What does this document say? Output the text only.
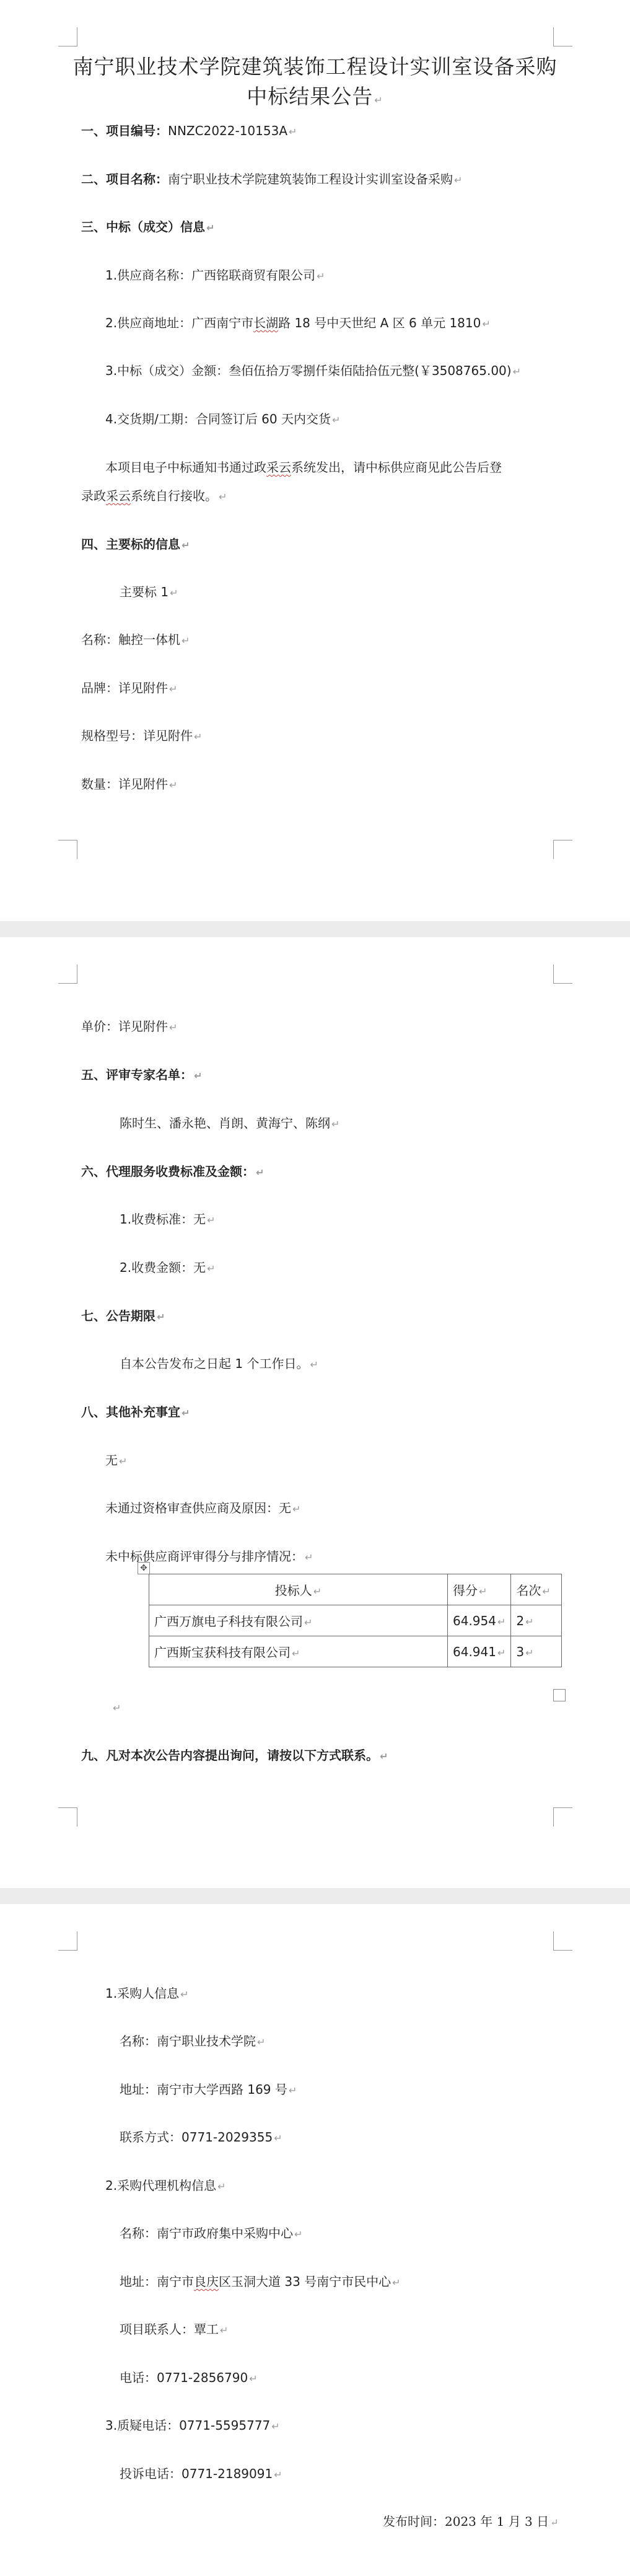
南宁职业技术学院建筑装饰工程设计实训室设备采购
中标结果公告 ↵
一、项目编号：NNZC2022-10153A ↵
二、项目名称：南宁职业技术学院建筑装饰工程设计实训室设备采购 ↵
三、中标（成交）信息 ↵
1.供应商名称：广西铭联商贸有限公司 ↵
2.供应商地址：广西南宁市长湖路 18 号中天世纪 A 区 6 单元 1810 ↵
3.中标（成交）金额：叁佰伍拾万零捌仟柒佰陆拾伍元整(￥3508765.00) ↵
4.交货期/工期：合同签订后 60 天内交货 ↵
本项目电子中标通知书通过政采云系统发出，请中标供应商见此公告后登
录政采云系统自行接收。 ↵
四、主要标的信息 ↵
主要标 1 ↵
名称：触控一体机 ↵
品牌：详见附件 ↵
规格型号：详见附件 ↵
数量：详见附件 ↵
单价：详见附件 ↵
五、评审专家名单： ↵
陈时生、潘永艳、肖朗、黄海宁、陈纲 ↵
六、代理服务收费标准及金额： ↵
1.收费标准：无 ↵
2.收费金额：无 ↵
七、公告期限 ↵
自本公告发布之日起 1 个工作日。 ↵
八、其他补充事宜 ↵
无 ↵
未通过资格审查供应商及原因：无 ↵
未中标供应商评审得分与排序情况： ↵
✥
投标人 ↵	得分 ↵	名次 ↵
广西万旗电子科技有限公司 ↵	64.954 ↵	2 ↵
广西斯宝获科技有限公司 ↵	64.941 ↵	3 ↵
↵
九、凡对本次公告内容提出询问，请按以下方式联系。 ↵
1.采购人信息 ↵
名称：南宁职业技术学院 ↵
地址：南宁市大学西路 169 号 ↵
联系方式：0771-2029355 ↵
2.采购代理机构信息 ↵
名称：南宁市政府集中采购中心 ↵
地址：南宁市良庆区玉洞大道 33 号南宁市民中心 ↵
项目联系人：覃工 ↵
电话：0771-2856790 ↵
3.质疑电话：0771-5595777 ↵
投诉电话：0771-2189091 ↵
发布时间：2023 年 1 月 3 日 ↵
